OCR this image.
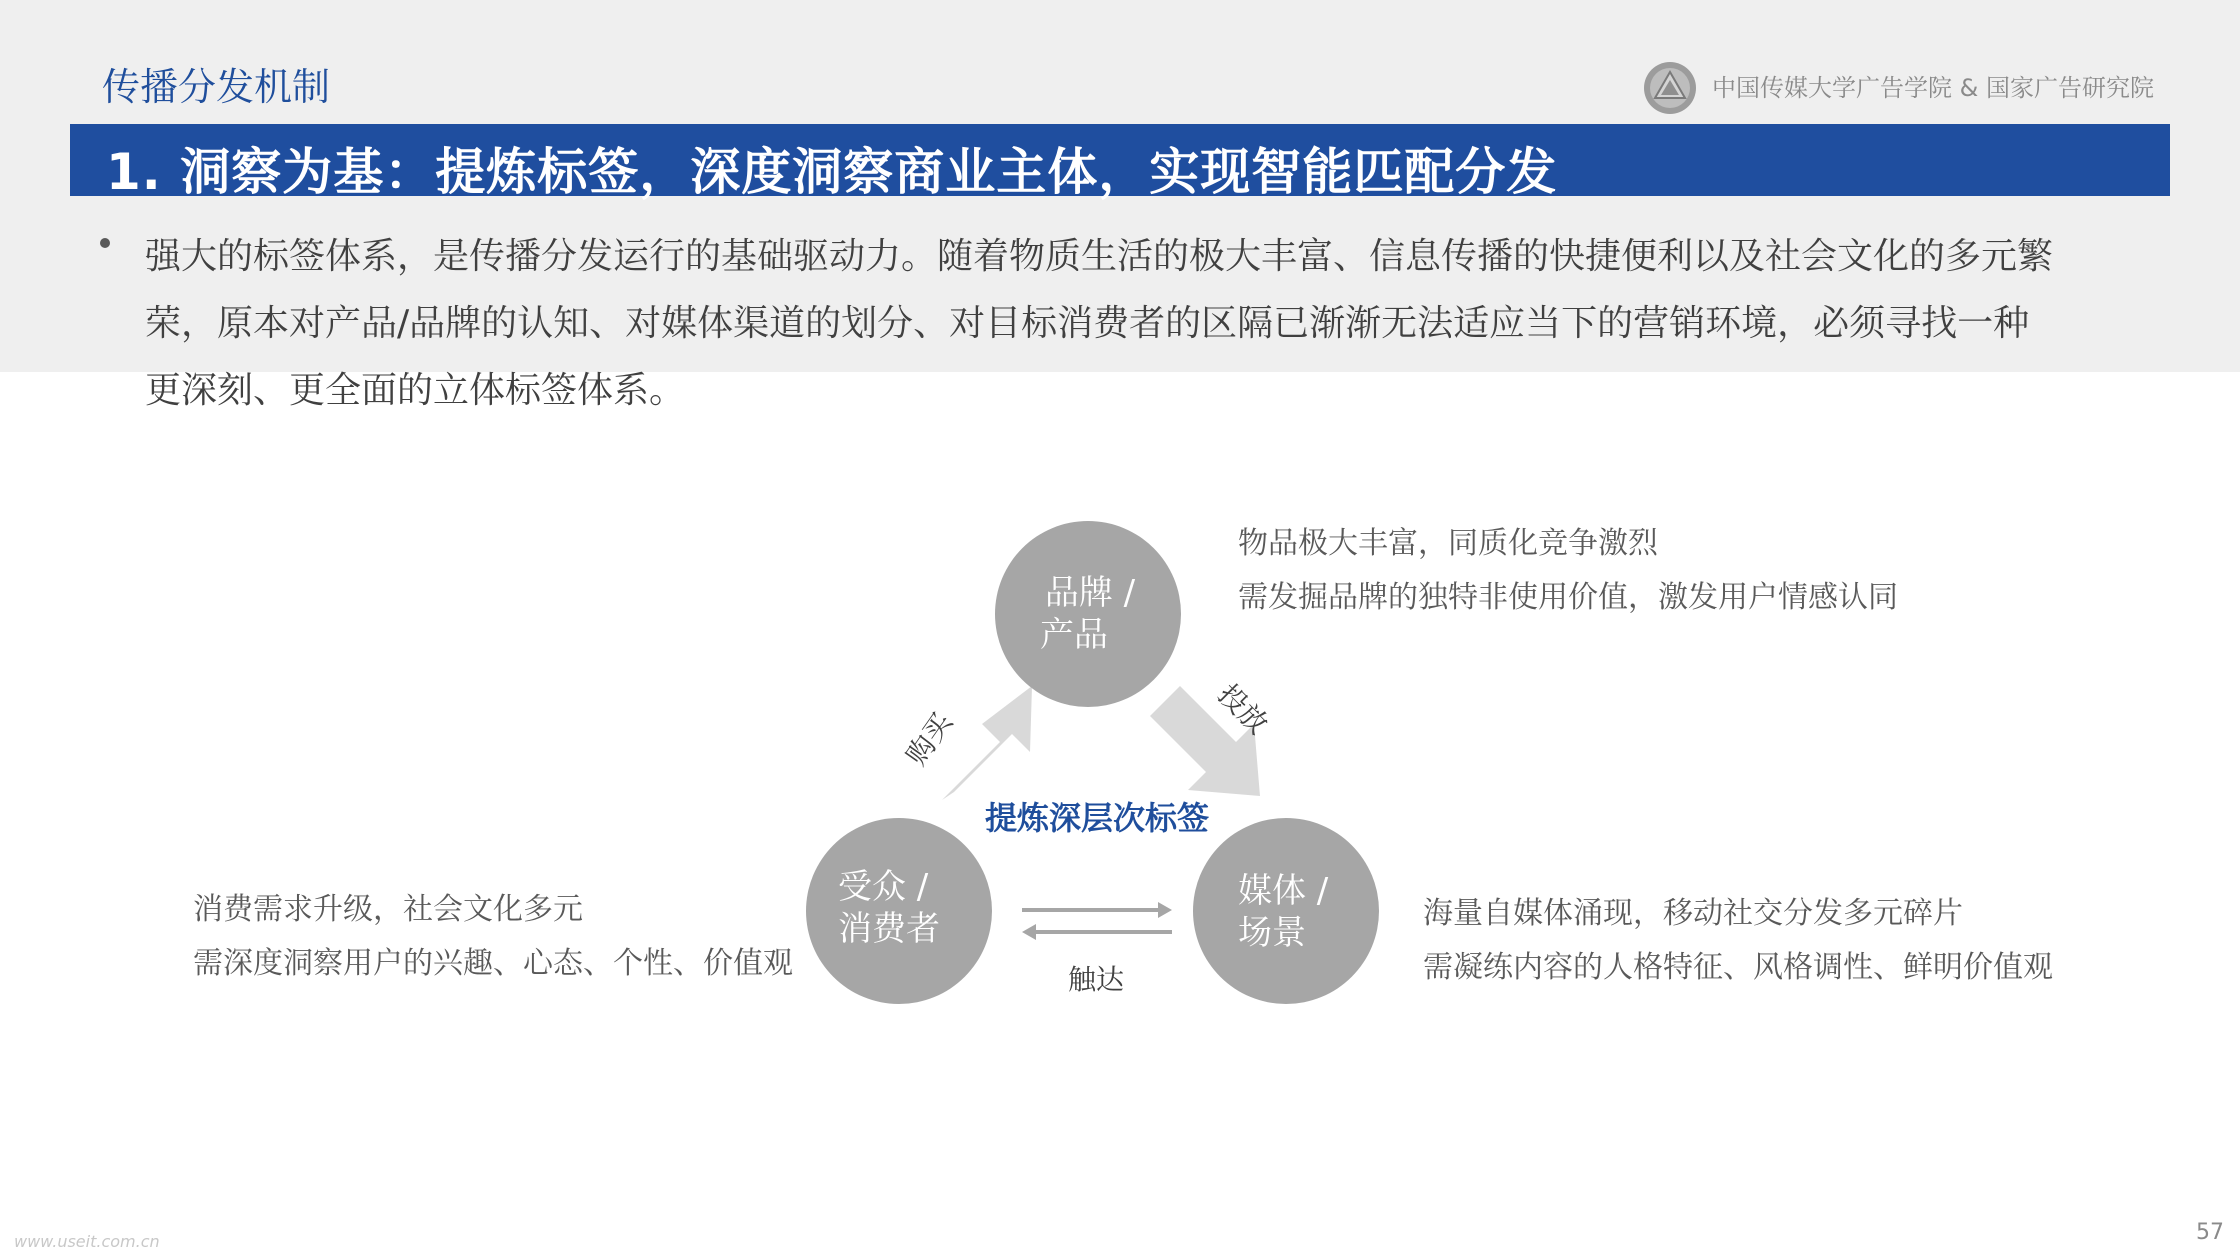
传播分发机制	中国传媒大学广告学院 & 国家广告研究院
1. 洞察为基：提炼标签，深度洞察商业主体，实现智能匹配分发
强大的标签体系，是传播分发运行的基础驱动力。随着物质生活的极大丰富、信息传播的快捷便利以及社会文化的多元繁
荣，原本对产品/品牌的认知、对媒体渠道的划分、对目标消费者的区隔已渐渐无法适应当下的营销环境，必须寻找一种
更深刻、更全面的立体标签体系。
品牌 /
产品
受众 /
消费者
媒体 /
场景
提炼深层次标签
购买	投放
触达
物品极大丰富，同质化竞争激烈
需发掘品牌的独特非使用价值，激发用户情感认同
消费需求升级，社会文化多元
需深度洞察用户的兴趣、心态、个性、价值观
海量自媒体涌现，移动社交分发多元碎片
需凝练内容的人格特征、风格调性、鲜明价值观
57
www.useit.com.cn
